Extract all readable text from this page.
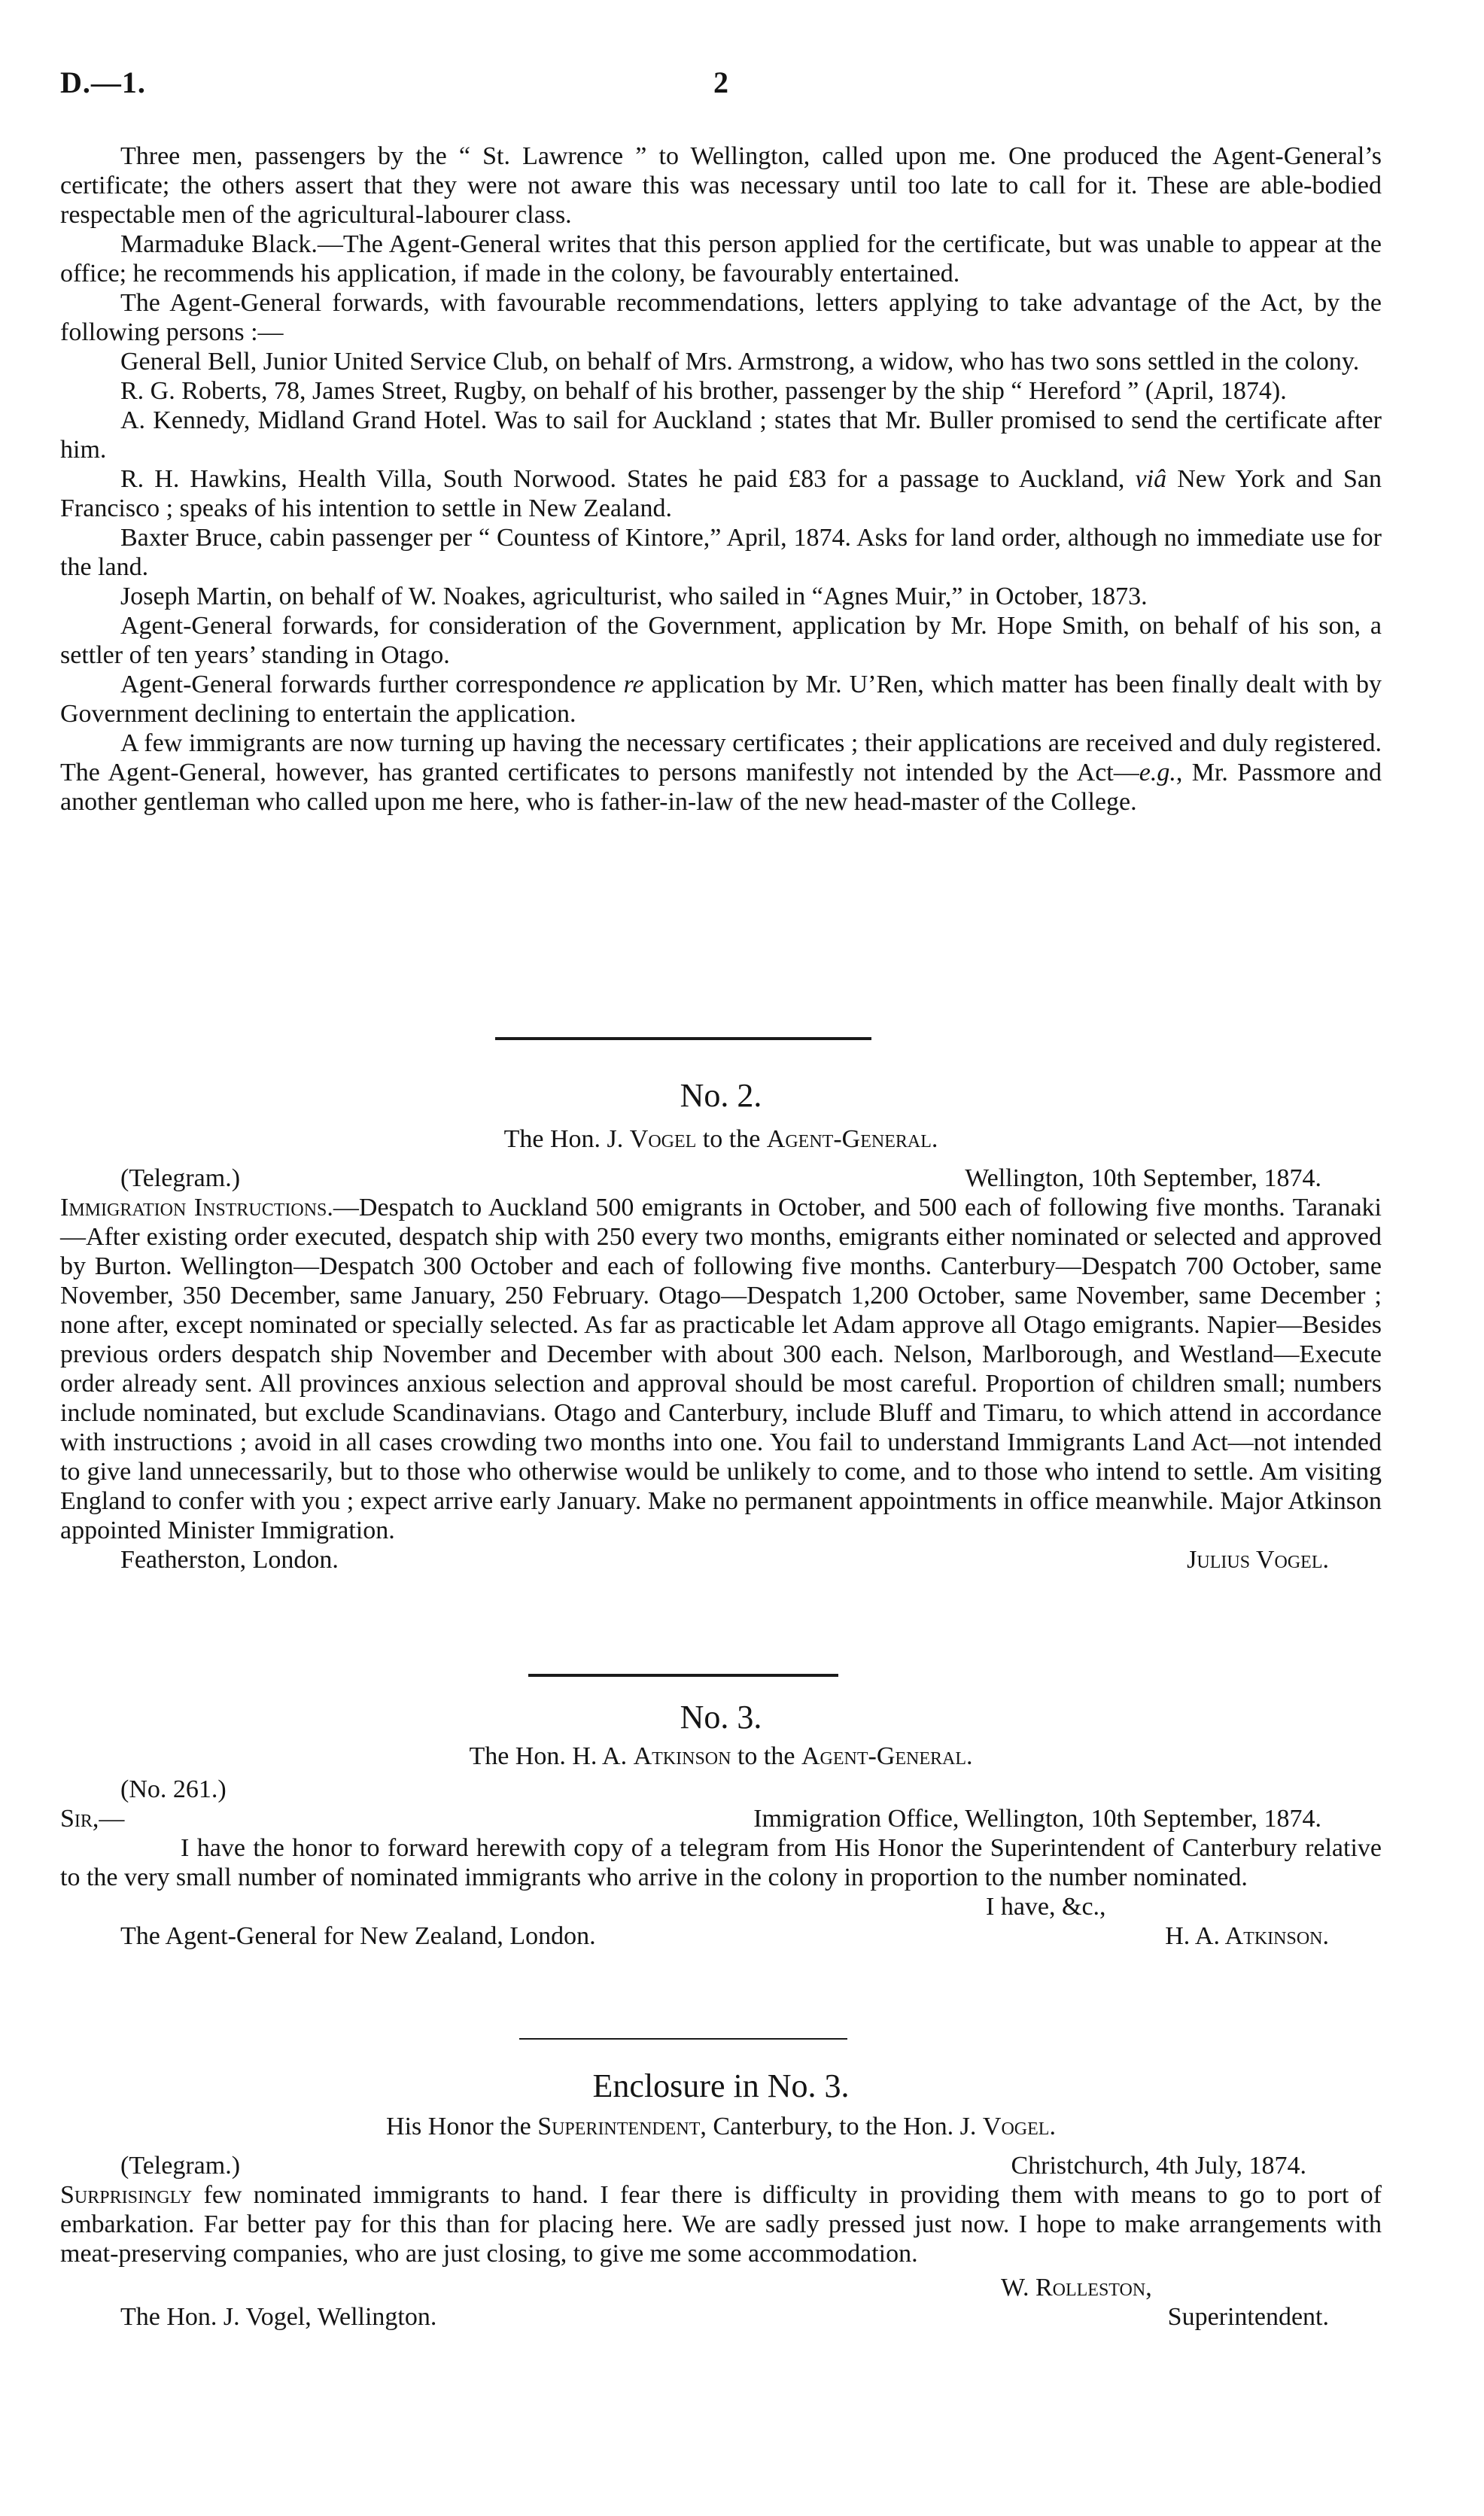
D.—1.	2

Three men, passengers by the “ St. Lawrence ” to Wellington, called upon me. One produced the Agent-General’s certificate; the others assert that they were not aware this was necessary until too late to call for it. These are able-bodied respectable men of the agricultural-labourer class.

Marmaduke Black.—The Agent-General writes that this person applied for the certificate, but was unable to appear at the office; he recommends his application, if made in the colony, be favourably entertained.

The Agent-General forwards, with favourable recommendations, letters applying to take advantage of the Act, by the following persons :—

General Bell, Junior United Service Club, on behalf of Mrs. Armstrong, a widow, who has two sons settled in the colony.

R. G. Roberts, 78, James Street, Rugby, on behalf of his brother, passenger by the ship “ Hereford ” (April, 1874).

A. Kennedy, Midland Grand Hotel. Was to sail for Auckland ; states that Mr. Buller promised to send the certificate after him.

R. H. Hawkins, Health Villa, South Norwood. States he paid £83 for a passage to Auckland, viâ New York and San Francisco ; speaks of his intention to settle in New Zealand.

Baxter Bruce, cabin passenger per “ Countess of Kintore,” April, 1874. Asks for land order, although no immediate use for the land.

Joseph Martin, on behalf of W. Noakes, agriculturist, who sailed in “Agnes Muir,” in October, 1873.

Agent-General forwards, for consideration of the Government, application by Mr. Hope Smith, on behalf of his son, a settler of ten years’ standing in Otago.

Agent-General forwards further correspondence re application by Mr. U’Ren, which matter has been finally dealt with by Government declining to entertain the application.

A few immigrants are now turning up having the necessary certificates ; their applications are received and duly registered. The Agent-General, however, has granted certificates to persons manifestly not intended by the Act—e.g., Mr. Passmore and another gentleman who called upon me here, who is father-in-law of the new head-master of the College.

No. 2.
The Hon. J. Vogel to the Agent-General.
(Telegram.)	Wellington, 10th September, 1874.

Immigration Instructions.—Despatch to Auckland 500 emigrants in October, and 500 each of following five months. Taranaki—After existing order executed, despatch ship with 250 every two months, emigrants either nominated or selected and approved by Burton. Wellington—Despatch 300 October and each of following five months. Canterbury—Despatch 700 October, same November, 350 December, same January, 250 February. Otago—Despatch 1,200 October, same November, same December ; none after, except nominated or specially selected. As far as practicable let Adam approve all Otago emigrants. Napier—Besides previous orders despatch ship November and December with about 300 each. Nelson, Marlborough, and Westland—Execute order already sent. All provinces anxious selection and approval should be most careful. Proportion of children small; numbers include nominated, but exclude Scandinavians. Otago and Canterbury, include Bluff and Timaru, to which attend in accordance with instructions ; avoid in all cases crowding two months into one. You fail to understand Immigrants Land Act—not intended to give land unnecessarily, but to those who otherwise would be unlikely to come, and to those who intend to settle. Am visiting England to confer with you ; expect arrive early January. Make no permanent appointments in office meanwhile. Major Atkinson appointed Minister Immigration.

Featherston, London.	Julius Vogel.
No. 3.
The Hon. H. A. Atkinson to the Agent-General.
(No. 261.)
Sir,—	Immigration Office, Wellington, 10th September, 1874.

I have the honor to forward herewith copy of a telegram from His Honor the Superintendent of Canterbury relative to the very small number of nominated immigrants who arrive in the colony in proportion to the number nominated.

I have, &c.,
The Agent-General for New Zealand, London.	H. A. Atkinson.
Enclosure in No. 3.
His Honor the Superintendent, Canterbury, to the Hon. J. Vogel.
(Telegram.)	Christchurch, 4th July, 1874.

Surprisingly few nominated immigrants to hand. I fear there is difficulty in providing them with means to go to port of embarkation. Far better pay for this than for placing here. We are sadly pressed just now. I hope to make arrangements with meat-preserving companies, who are just closing, to give me some accommodation.

W. Rolleston,
The Hon. J. Vogel, Wellington.	Superintendent.
